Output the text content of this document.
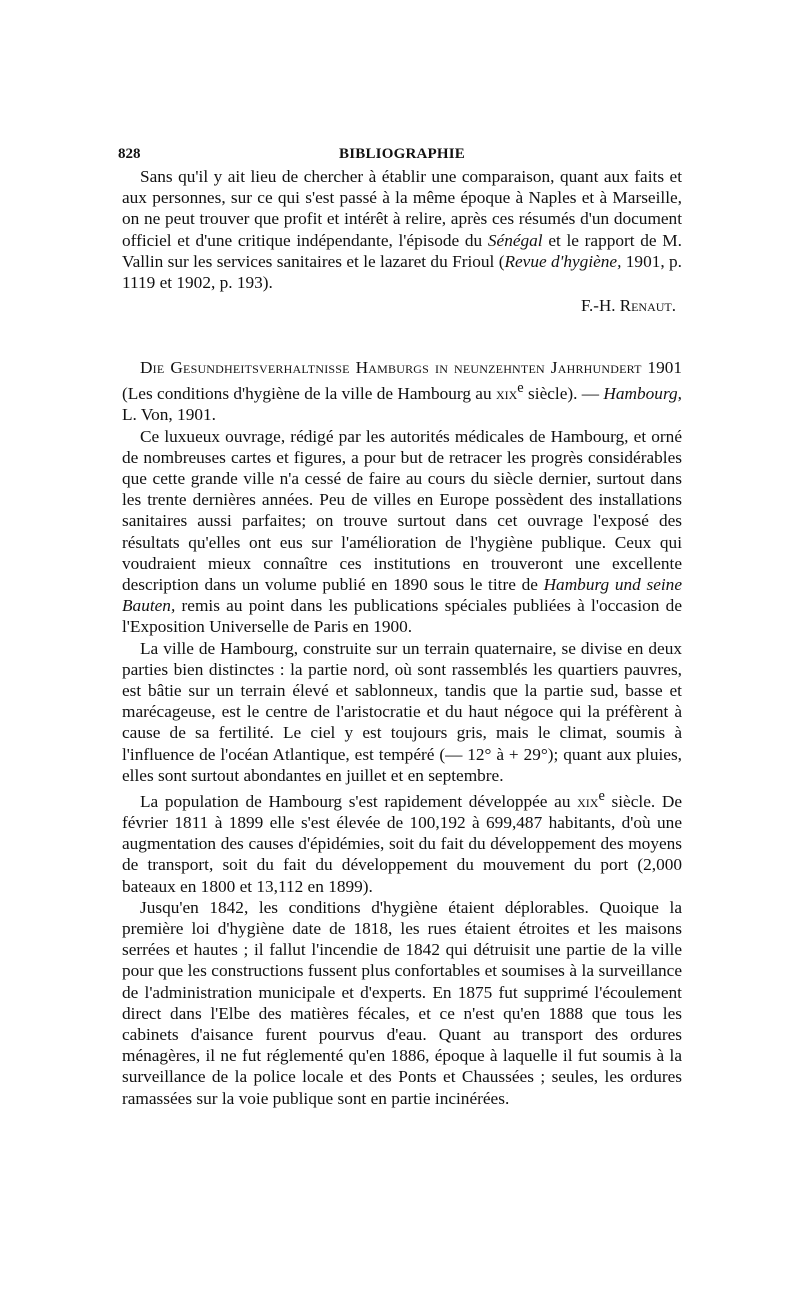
828	BIBLIOGRAPHIE

Sans qu'il y ait lieu de chercher à établir une comparaison, quant aux faits et aux personnes, sur ce qui s'est passé à la même époque à Naples et à Marseille, on ne peut trouver que profit et intérêt à relire, après ces résumés d'un document officiel et d'une critique indépendante, l'épisode du Sénégal et le rapport de M. Vallin sur les services sanitaires et le lazaret du Frioul (Revue d'hygiène, 1901, p. 1119 et 1902, p. 193).

F.-H. Renaut.

Die Gesundheitsverhaltnisse Hamburgs in neunzehnten Jahrhundert 1901 (Les conditions d'hygiène de la ville de Hambourg au xix$^e$ siècle). — Hambourg, L. Von, 1901.

Ce luxueux ouvrage, rédigé par les autorités médicales de Hambourg, et orné de nombreuses cartes et figures, a pour but de retracer les progrès considérables que cette grande ville n'a cessé de faire au cours du siècle dernier, surtout dans les trente dernières années. Peu de villes en Europe possèdent des installations sanitaires aussi parfaites; on trouve surtout dans cet ouvrage l'exposé des résultats qu'elles ont eus sur l'amélioration de l'hygiène publique. Ceux qui voudraient mieux connaître ces institutions en trouveront une excellente description dans un volume publié en 1890 sous le titre de Hamburg und seine Bauten, remis au point dans les publications spéciales publiées à l'occasion de l'Exposition Universelle de Paris en 1900.

La ville de Hambourg, construite sur un terrain quaternaire, se divise en deux parties bien distinctes : la partie nord, où sont rassemblés les quartiers pauvres, est bâtie sur un terrain élevé et sablonneux, tandis que la partie sud, basse et marécageuse, est le centre de l'aristocratie et du haut négoce qui la préfèrent à cause de sa fertilité. Le ciel y est toujours gris, mais le climat, soumis à l'influence de l'océan Atlantique, est tempéré (— 12° à + 29°); quant aux pluies, elles sont surtout abondantes en juillet et en septembre.

La population de Hambourg s'est rapidement développée au xix$^e$ siècle. De février 1811 à 1899 elle s'est élevée de 100,192 à 699,487 habitants, d'où une augmentation des causes d'épidémies, soit du fait du développement des moyens de transport, soit du fait du développement du mouvement du port (2,000 bateaux en 1800 et 13,112 en 1899).

Jusqu'en 1842, les conditions d'hygiène étaient déplorables. Quoique la première loi d'hygiène date de 1818, les rues étaient étroites et les maisons serrées et hautes ; il fallut l'incendie de 1842 qui détruisit une partie de la ville pour que les constructions fussent plus confortables et soumises à la surveillance de l'administration municipale et d'experts. En 1875 fut supprimé l'écoulement direct dans l'Elbe des matières fécales, et ce n'est qu'en 1888 que tous les cabinets d'aisance furent pourvus d'eau. Quant au transport des ordures ménagères, il ne fut réglementé qu'en 1886, époque à laquelle il fut soumis à la surveillance de la police locale et des Ponts et Chaussées ; seules, les ordures ramassées sur la voie publique sont en partie incinérées.
